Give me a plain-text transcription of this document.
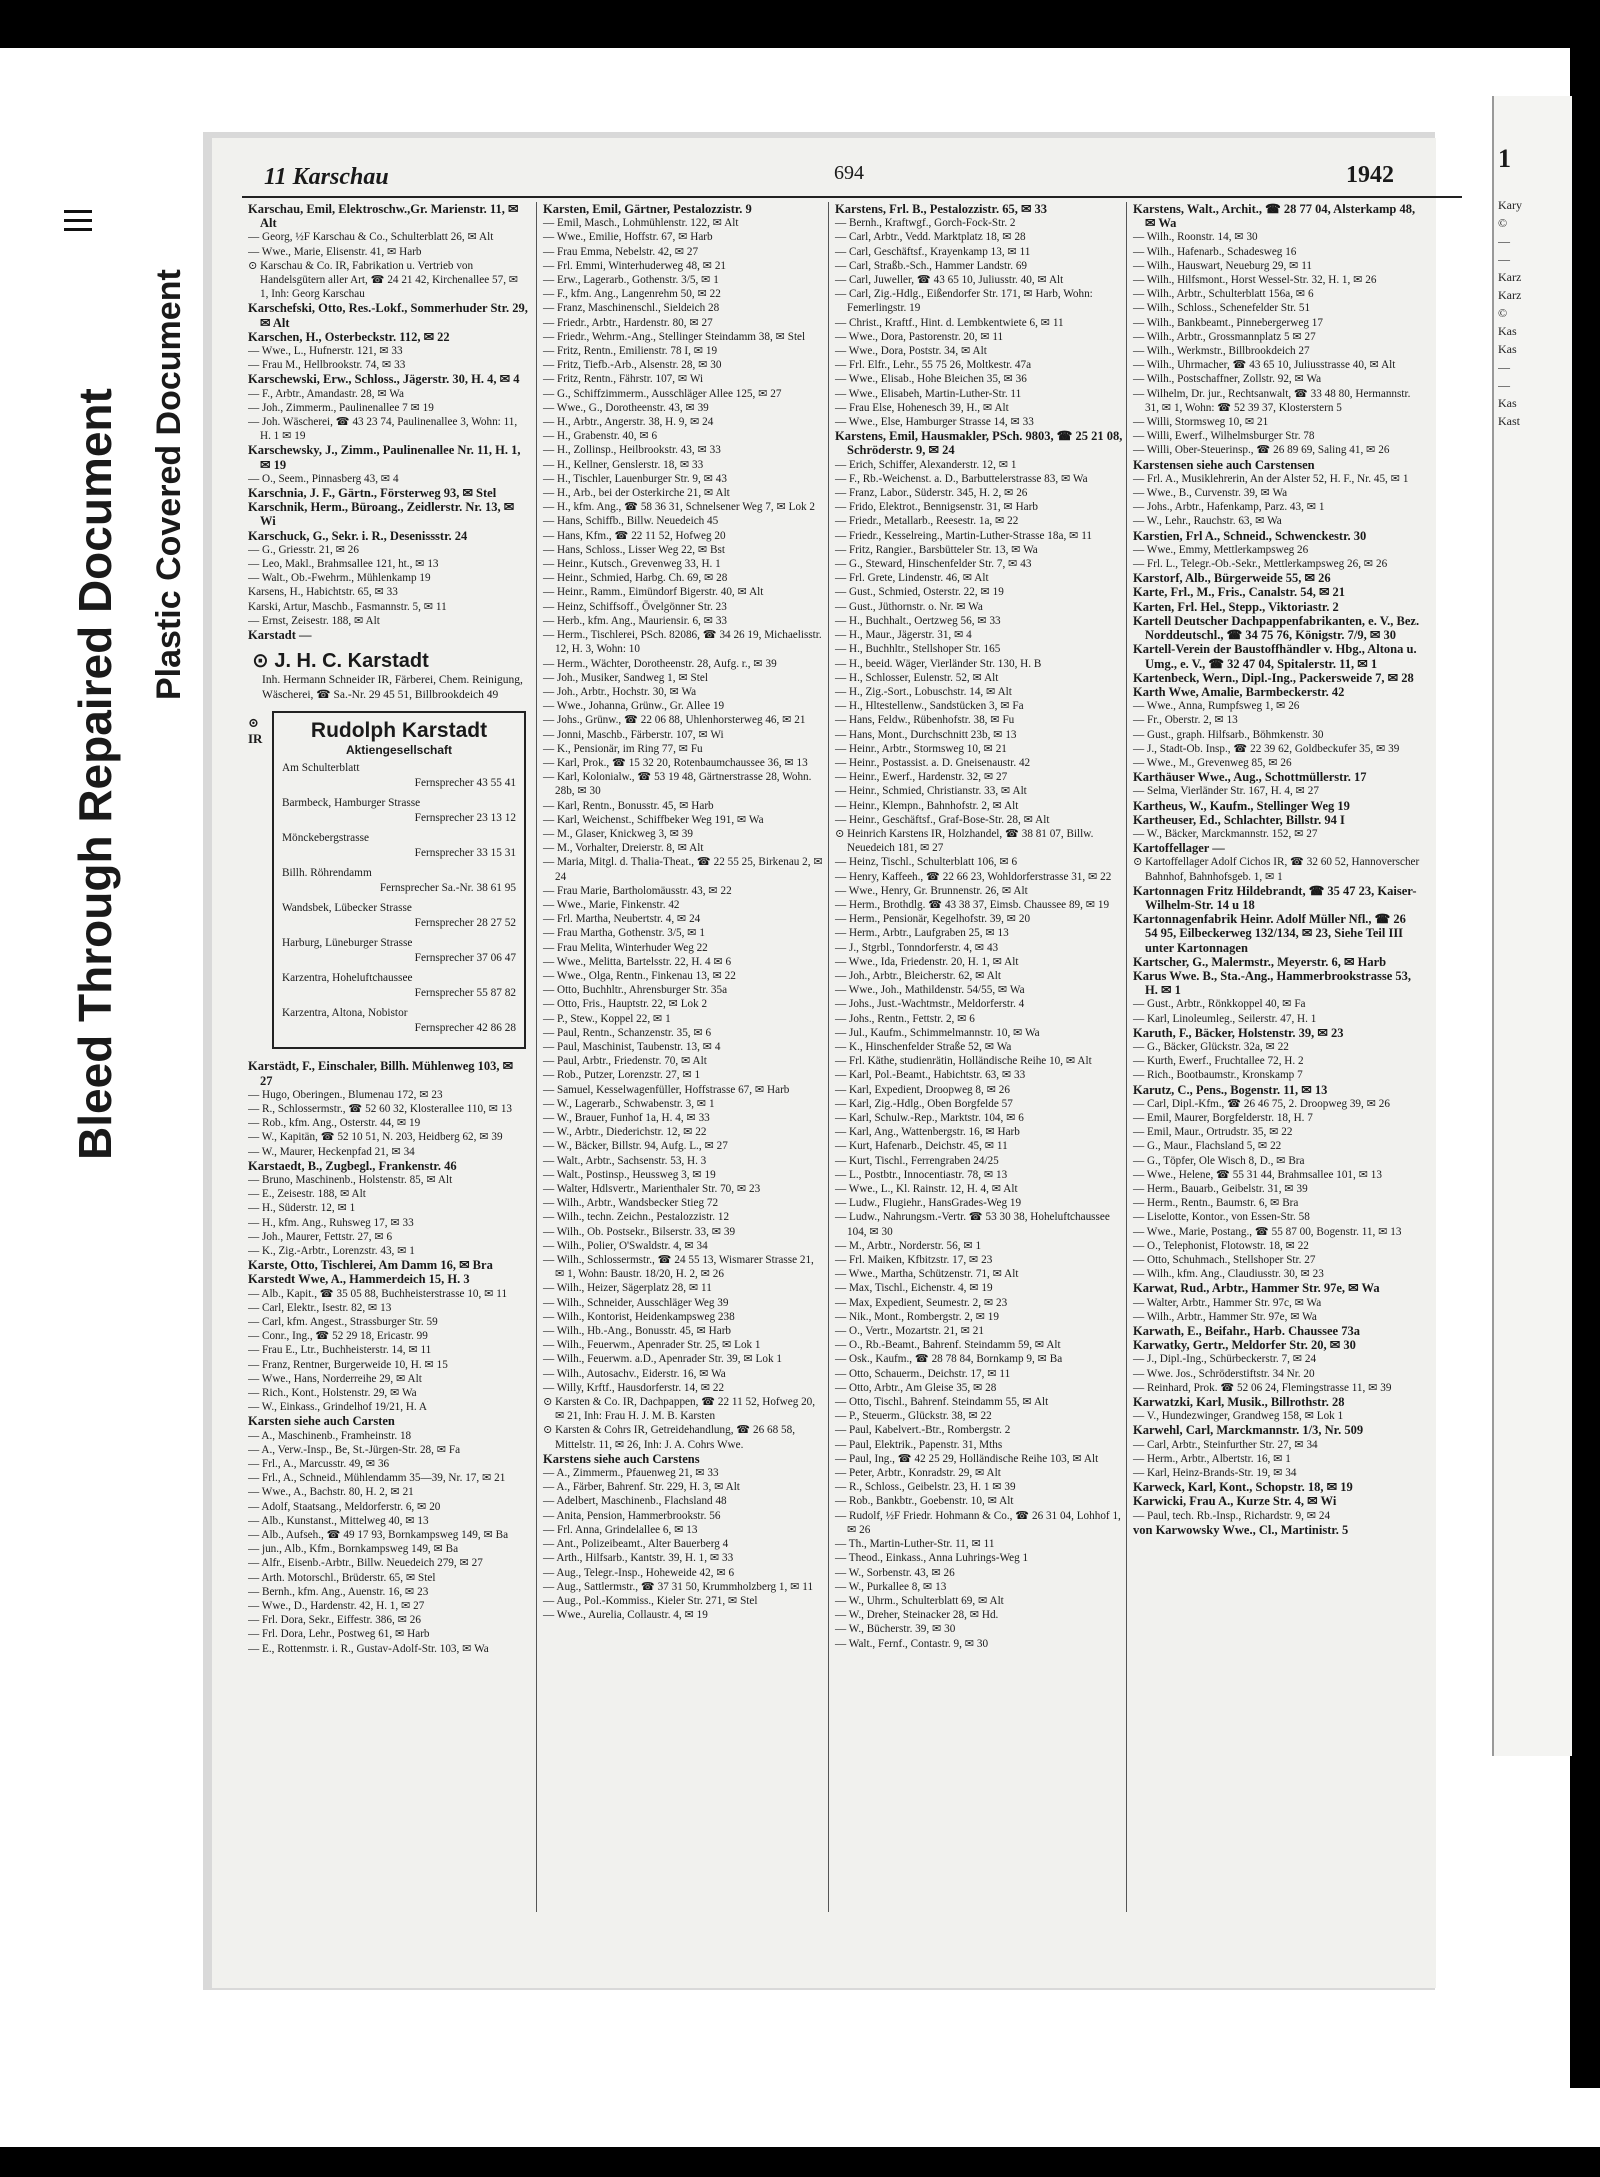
Bleed Through Repaired Document Plastic Covered Document
1
Kary
©
—
—
Karz
Karz
©
Kas
Kas
—
—
Kas
Kast
11 Karschau	694	1942

Karschau, Emil, Elektroschw.,Gr. Marienstr. 11, ✉ Alt

— Georg, ½F Karschau & Co., Schulterblatt 26, ✉ Alt

— Wwe., Marie, Elisenstr. 41, ✉ Harb

⊙ Karschau & Co. IR, Fabrikation u. Vertrieb von Handelsgütern aller Art, ☎ 24 21 42, Kirchenallee 57, ✉ 1, Inh: Georg Karschau

Karschefski, Otto, Res.-Lokf., Sommerhuder Str. 29, ✉ Alt

Karschen, H., Osterbeckstr. 112, ✉ 22

— Wwe., L., Hufnerstr. 121, ✉ 33

— Frau M., Hellbrookstr. 74, ✉ 33

Karschewski, Erw., Schloss., Jägerstr. 30, H. 4, ✉ 4

— F., Arbtr., Amandastr. 28, ✉ Wa

— Joh., Zimmerm., Paulinenallee 7 ✉ 19

— Joh. Wäscherei, ☎ 43 23 74, Paulinenallee 3, Wohn: 11, H. 1 ✉ 19

Karschewsky, J., Zimm., Paulinenallee Nr. 11, H. 1, ✉ 19

— O., Seem., Pinnasberg 43, ✉ 4

Karschnia, J. F., Gärtn., Försterweg 93, ✉ Stel

Karschnik, Herm., Büroang., Zeidlerstr. Nr. 13, ✉ Wi

Karschuck, G., Sekr. i. R., Desenissstr. 24

— G., Griesstr. 21, ✉ 26

— Leo, Makl., Brahmsallee 121, ht., ✉ 13

— Walt., Ob.-Fwehrm., Mühlenkamp 19

Karsens, H., Habichtstr. 65, ✉ 33

Karski, Artur, Maschb., Fasmannstr. 5, ✉ 11

— Ernst, Zeisestr. 188, ✉ Alt

Karstadt —

⊙ J. H. C. Karstadt
Inh. Hermann Schneider IR, Färberei, Chem. Reinigung, Wäscherei, ☎ Sa.-Nr. 29 45 51, Billbrookdeich 49
⊙ IR	Rudolph Karstadt
Aktiengesellschaft
Am Schulterblatt
Fernsprecher 43 55 41
Barmbeck, Hamburger Strasse
Fernsprecher 23 13 12
Mönckebergstrasse
Fernsprecher 33 15 31
Billh. Röhrendamm
Fernsprecher Sa.-Nr. 38 61 95
Wandsbek, Lübecker Strasse
Fernsprecher 28 27 52
Harburg, Lüneburger Strasse
Fernsprecher 37 06 47
Karzentra, Hoheluftchaussee
Fernsprecher 55 87 82
Karzentra, Altona, Nobistor
Fernsprecher 42 86 28

Karstädt, F., Einschaler, Billh. Mühlenweg 103, ✉ 27

— Hugo, Oberingen., Blumenau 172, ✉ 23

— R., Schlossermstr., ☎ 52 60 32, Klosterallee 110, ✉ 13

— Rob., kfm. Ang., Osterstr. 44, ✉ 19

— W., Kapitän, ☎ 52 10 51, N. 203, Heidberg 62, ✉ 39

— W., Maurer, Heckenpfad 21, ✉ 34

Karstaedt, B., Zugbegl., Frankenstr. 46

— Bruno, Maschinenb., Holstenstr. 85, ✉ Alt

— E., Zeisestr. 188, ✉ Alt

— H., Süderstr. 12, ✉ 1

— H., kfm. Ang., Ruhsweg 17, ✉ 33

— Joh., Maurer, Fettstr. 27, ✉ 6

— K., Zig.-Arbtr., Lorenzstr. 43, ✉ 1

Karste, Otto, Tischlerei, Am Damm 16, ✉ Bra

Karstedt Wwe, A., Hammerdeich 15, H. 3

— Alb., Kapit., ☎ 35 05 88, Buchheisterstrasse 10, ✉ 11

— Carl, Elektr., Isestr. 82, ✉ 13

— Carl, kfm. Angest., Strassburger Str. 59

— Conr., Ing., ☎ 52 29 18, Ericastr. 99

— Frau E., Ltr., Buchheisterstr. 14, ✉ 11

— Franz, Rentner, Burgerweide 10, H. ✉ 15

— Wwe., Hans, Norderreihe 29, ✉ Alt

— Rich., Kont., Holstenstr. 29, ✉ Wa

— W., Einkass., Grindelhof 19/21, H. A

Karsten siehe auch Carsten

— A., Maschinenb., Framheinstr. 18

— A., Verw.-Insp., Be, St.-Jürgen-Str. 28, ✉ Fa

— Frl., A., Marcusstr. 49, ✉ 36

— Frl., A., Schneid., Mühlendamm 35—39, Nr. 17, ✉ 21

— Wwe., A., Bachstr. 80, H. 2, ✉ 21

— Adolf, Staatsang., Meldorferstr. 6, ✉ 20

— Alb., Kunstanst., Mittelweg 40, ✉ 13

— Alb., Aufseh., ☎ 49 17 93, Bornkampsweg 149, ✉ Ba

— jun., Alb., Kfm., Bornkampsweg 149, ✉ Ba

— Alfr., Eisenb.-Arbtr., Billw. Neuedeich 279, ✉ 27

— Arth. Motorschl., Brüderstr. 65, ✉ Stel

— Bernh., kfm. Ang., Auenstr. 16, ✉ 23

— Wwe., D., Hardenstr. 42, H. 1, ✉ 27

— Frl. Dora, Sekr., Eiffestr. 386, ✉ 26

— Frl. Dora, Lehr., Postweg 61, ✉ Harb

— E., Rottenmstr. i. R., Gustav-Adolf-Str. 103, ✉ Wa

Karsten, Emil, Gärtner, Pestalozzistr. 9

— Emil, Masch., Lohmühlenstr. 122, ✉ Alt

— Wwe., Emilie, Hoffstr. 67, ✉ Harb

— Frau Emma, Nebelstr. 42, ✉ 27

— Frl. Emmi, Winterhuderweg 48, ✉ 21

— Erw., Lagerarb., Gothenstr. 3/5, ✉ 1

— F., kfm. Ang., Langenrehm 50, ✉ 22

— Franz, Maschinenschl., Sieldeich 28

— Friedr., Arbtr., Hardenstr. 80, ✉ 27

— Friedr., Wehrm.-Ang., Stellinger Steindamm 38, ✉ Stel

— Fritz, Rentn., Emilienstr. 78 I, ✉ 19

— Fritz, Tiefb.-Arb., Alsenstr. 28, ✉ 30

— Fritz, Rentn., Fährstr. 107, ✉ Wi

— G., Schiffzimmerm., Ausschläger Allee 125, ✉ 27

— Wwe., G., Dorotheenstr. 43, ✉ 39

— H., Arbtr., Angerstr. 38, H. 9, ✉ 24

— H., Grabenstr. 40, ✉ 6

— H., Zollinsp., Heilbrookstr. 43, ✉ 33

— H., Kellner, Genslerstr. 18, ✉ 33

— H., Tischler, Lauenburger Str. 9, ✉ 43

— H., Arb., bei der Osterkirche 21, ✉ Alt

— H., kfm. Ang., ☎ 58 36 31, Schnelsener Weg 7, ✉ Lok 2

— Hans, Schiffb., Billw. Neuedeich 45

— Hans, Kfm., ☎ 22 11 52, Hofweg 20

— Hans, Schloss., Lisser Weg 22, ✉ Bst

— Heinr., Kutsch., Grevenweg 33, H. 1

— Heinr., Schmied, Harbg. Ch. 69, ✉ 28

— Heinr., Ramm., Eimündorf Bigerstr. 40, ✉ Alt

— Heinz, Schiffsoff., Övelgönner Str. 23

— Herb., kfm. Ang., Mauriensir. 6, ✉ 33

— Herm., Tischlerei, PSch. 82086, ☎ 34 26 19, Michaelisstr. 12, H. 3, Wohn: 10

— Herm., Wächter, Dorotheenstr. 28, Aufg. r., ✉ 39

— Joh., Musiker, Sandweg 1, ✉ Stel

— Joh., Arbtr., Hochstr. 30, ✉ Wa

— Wwe., Johanna, Grünw., Gr. Allee 19

— Johs., Grünw., ☎ 22 06 88, Uhlenhorsterweg 46, ✉ 21

— Jonni, Maschb., Färberstr. 107, ✉ Wi

— K., Pensionär, im Ring 77, ✉ Fu

— Karl, Prok., ☎ 15 32 20, Rotenbaumchaussee 36, ✉ 13

— Karl, Kolonialw., ☎ 53 19 48, Gärtnerstrasse 28, Wohn. 28b, ✉ 30

— Karl, Rentn., Bonusstr. 45, ✉ Harb

— Karl, Weichenst., Schiffbeker Weg 191, ✉ Wa

— M., Glaser, Knickweg 3, ✉ 39

— M., Vorhalter, Dreierstr. 8, ✉ Alt

— Maria, Mitgl. d. Thalia-Theat., ☎ 22 55 25, Birkenau 2, ✉ 24

— Frau Marie, Bartholomäusstr. 43, ✉ 22

— Wwe., Marie, Finkenstr. 42

— Frl. Martha, Neubertstr. 4, ✉ 24

— Frau Martha, Gothenstr. 3/5, ✉ 1

— Frau Melita, Winterhuder Weg 22

— Wwe., Melitta, Bartelsstr. 22, H. 4 ✉ 6

— Wwe., Olga, Rentn., Finkenau 13, ✉ 22

— Otto, Buchhltr., Ahrensburger Str. 35a

— Otto, Fris., Hauptstr. 22, ✉ Lok 2

— P., Stew., Koppel 22, ✉ 1

— Paul, Rentn., Schanzenstr. 35, ✉ 6

— Paul, Maschinist, Taubenstr. 13, ✉ 4

— Paul, Arbtr., Friedenstr. 70, ✉ Alt

— Rob., Putzer, Lorenzstr. 27, ✉ 1

— Samuel, Kesselwagenfüller, Hoffstrasse 67, ✉ Harb

— W., Lagerarb., Schwabenstr. 3, ✉ 1

— W., Brauer, Funhof 1a, H. 4, ✉ 33

— W., Arbtr., Diederichstr. 12, ✉ 22

— W., Bäcker, Billstr. 94, Aufg. L., ✉ 27

— Walt., Arbtr., Sachsenstr. 53, H. 3

— Walt., Postinsp., Heussweg 3, ✉ 19

— Walter, Hdlsvertr., Marienthaler Str. 70, ✉ 23

— Wilh., Arbtr., Wandsbecker Stieg 72

— Wilh., techn. Zeichn., Pestalozzistr. 12

— Wilh., Ob. Postsekr., Bilserstr. 33, ✉ 39

— Wilh., Polier, O'Swaldstr. 4, ✉ 34

— Wilh., Schlossermstr., ☎ 24 55 13, Wismarer Strasse 21, ✉ 1, Wohn: Baustr. 18/20, H. 2, ✉ 26

— Wilh., Heizer, Sägerplatz 28, ✉ 11

— Wilh., Schneider, Ausschläger Weg 39

— Wilh., Kontorist, Heidenkampsweg 238

— Wilh., Hb.-Ang., Bonusstr. 45, ✉ Harb

— Wilh., Feuerwm., Apenrader Str. 25, ✉ Lok 1

— Wilh., Feuerwm. a.D., Apenrader Str. 39, ✉ Lok 1

— Wilh., Autosachv., Eiderstr. 16, ✉ Wa

— Willy, Krftf., Hausdorferstr. 14, ✉ 22

⊙ Karsten & Co. IR, Dachpappen, ☎ 22 11 52, Hofweg 20, ✉ 21, Inh: Frau H. J. M. B. Karsten

⊙ Karsten & Cohrs IR, Getreidehandlung, ☎ 26 68 58, Mittelstr. 11, ✉ 26, Inh: J. A. Cohrs Wwe.

Karstens siehe auch Carstens

— A., Zimmerm., Pfauenweg 21, ✉ 33

— A., Färber, Bahrenf. Str. 229, H. 3, ✉ Alt

— Adelbert, Maschinenb., Flachsland 48

— Anita, Pension, Hammerbrookstr. 56

— Frl. Anna, Grindelallee 6, ✉ 13

— Ant., Polizeibeamt., Alter Bauerberg 4

— Arth., Hilfsarb., Kantstr. 39, H. 1, ✉ 33

— Aug., Telegr.-Insp., Hoheweide 42, ✉ 6

— Aug., Sattlermstr., ☎ 37 31 50, Krummholzberg 1, ✉ 11

— Aug., Pol.-Kommiss., Kieler Str. 271, ✉ Stel

— Wwe., Aurelia, Collaustr. 4, ✉ 19

Karstens, Frl. B., Pestalozzistr. 65, ✉ 33

— Bernh., Kraftwgf., Gorch-Fock-Str. 2

— Carl, Arbtr., Vedd. Marktplatz 18, ✉ 28

— Carl, Geschäftsf., Krayenkamp 13, ✉ 11

— Carl, Straßb.-Sch., Hammer Landstr. 69

— Carl, Juweller, ☎ 43 65 10, Juliusstr. 40, ✉ Alt

— Carl, Zig.-Hdlg., Eißendorfer Str. 171, ✉ Harb, Wohn: Femerlingstr. 19

— Christ., Kraftf., Hint. d. Lembkentwiete 6, ✉ 11

— Wwe., Dora, Pastorenstr. 20, ✉ 11

— Wwe., Dora, Poststr. 34, ✉ Alt

— Frl. Elfr., Lehr., 55 75 26, Moltkestr. 47a

— Wwe., Elisab., Hohe Bleichen 35, ✉ 36

— Wwe., Elisabeh, Martin-Luther-Str. 11

— Frau Else, Hohenesch 39, H., ✉ Alt

— Wwe., Else, Hamburger Strasse 14, ✉ 33

Karstens, Emil, Hausmakler, PSch. 9803, ☎ 25 21 08, Schröderstr. 9, ✉ 24

— Erich, Schiffer, Alexanderstr. 12, ✉ 1

— F., Rb.-Weichenst. a. D., Barbuttelerstrasse 83, ✉ Wa

— Franz, Labor., Süderstr. 345, H. 2, ✉ 26

— Frido, Elektrot., Bennigsenstr. 31, ✉ Harb

— Friedr., Metallarb., Reesestr. 1a, ✉ 22

— Friedr., Kesselreing., Martin-Luther-Strasse 18a, ✉ 11

— Fritz, Rangier., Barsbütteler Str. 13, ✉ Wa

— G., Steward, Hinschenfelder Str. 7, ✉ 43

— Frl. Grete, Lindenstr. 46, ✉ Alt

— Gust., Schmied, Osterstr. 22, ✉ 19

— Gust., Jüthornstr. o. Nr. ✉ Wa

— H., Buchhalt., Oertzweg 56, ✉ 33

— H., Maur., Jägerstr. 31, ✉ 4

— H., Buchhltr., Stellshoper Str. 165

— H., beeid. Wäger, Vierländer Str. 130, H. B

— H., Schlosser, Eulenstr. 52, ✉ Alt

— H., Zig.-Sort., Lobuschstr. 14, ✉ Alt

— H., Hltestellenw., Sandstücken 3, ✉ Fa

— Hans, Feldw., Rübenhofstr. 38, ✉ Fu

— Hans, Mont., Durchschnitt 23b, ✉ 13

— Heinr., Arbtr., Stormsweg 10, ✉ 21

— Heinr., Postassist. a. D. Gneisenaustr. 42

— Heinr., Ewerf., Hardenstr. 32, ✉ 27

— Heinr., Schmied, Christianstr. 33, ✉ Alt

— Heinr., Klempn., Bahnhofstr. 2, ✉ Alt

— Heinr., Geschäftsf., Graf-Bose-Str. 28, ✉ Alt

⊙ Heinrich Karstens IR, Holzhandel, ☎ 38 81 07, Billw. Neuedeich 181, ✉ 27

— Heinz, Tischl., Schulterblatt 106, ✉ 6

— Henry, Kaffeeh., ☎ 22 66 23, Wohldorferstrasse 31, ✉ 22

— Wwe., Henry, Gr. Brunnenstr. 26, ✉ Alt

— Herm., Brothdlg. ☎ 43 38 37, Eimsb. Chaussee 89, ✉ 19

— Herm., Pensionär, Kegelhofstr. 39, ✉ 20

— Herm., Arbtr., Laufgraben 25, ✉ 13

— J., Stgrbl., Tonndorferstr. 4, ✉ 43

— Wwe., Ida, Friedenstr. 20, H. 1, ✉ Alt

— Joh., Arbtr., Bleicherstr. 62, ✉ Alt

— Wwe., Joh., Mathildenstr. 54/55, ✉ Wa

— Johs., Just.-Wachtmstr., Meldorferstr. 4

— Johs., Rentn., Fettstr. 2, ✉ 6

— Jul., Kaufm., Schimmelmannstr. 10, ✉ Wa

— K., Hinschenfelder Straße 52, ✉ Wa

— Frl. Käthe, studienrätin, Holländische Reihe 10, ✉ Alt

— Karl, Pol.-Beamt., Habichtstr. 63, ✉ 33

— Karl, Expedient, Droopweg 8, ✉ 26

— Karl, Zig.-Hdlg., Oben Borgfelde 57

— Karl, Schulw.-Rep., Marktstr. 104, ✉ 6

— Karl, Ang., Wattenbergstr. 16, ✉ Harb

— Kurt, Hafenarb., Deichstr. 45, ✉ 11

— Kurt, Tischl., Ferrengraben 24/25

— L., Postbtr., Innocentiastr. 78, ✉ 13

— Wwe., L., Kl. Rainstr. 12, H. 4, ✉ Alt

— Ludw., Flugiehr., HansGrades-Weg 19

— Ludw., Nahrungsm.-Vertr. ☎ 53 30 38, Hoheluftchaussee 104, ✉ 30

— M., Arbtr., Norderstr. 56, ✉ 1

— Frl. Maiken, Kfbitzstr. 17, ✉ 23

— Wwe., Martha, Schützenstr. 71, ✉ Alt

— Max, Tischl., Eichenstr. 4, ✉ 19

— Max, Expedient, Seumestr. 2, ✉ 23

— Nik., Mont., Rombergstr. 2, ✉ 19

— O., Vertr., Mozartstr. 21, ✉ 21

— O., Rb.-Beamt., Bahrenf. Steindamm 59, ✉ Alt

— Osk., Kaufm., ☎ 28 78 84, Bornkamp 9, ✉ Ba

— Otto, Schauerm., Deichstr. 17, ✉ 11

— Otto, Arbtr., Am Gleise 35, ✉ 28

— Otto, Tischl., Bahrenf. Steindamm 55, ✉ Alt

— P., Steuerm., Glückstr. 38, ✉ 22

— Paul, Kabelvert.-Btr., Rombergstr. 2

— Paul, Elektrik., Papenstr. 31, Mths

— Paul, Ing., ☎ 42 25 29, Holländische Reihe 103, ✉ Alt

— Peter, Arbtr., Konradstr. 29, ✉ Alt

— R., Schloss., Geibelstr. 23, H. 1 ✉ 39

— Rob., Bankbtr., Goebenstr. 10, ✉ Alt

— Rudolf, ½F Friedr. Hohmann & Co., ☎ 26 31 04, Lohhof 1, ✉ 26

— Th., Martin-Luther-Str. 11, ✉ 11

— Theod., Einkass., Anna Luhrings-Weg 1

— W., Sorbenstr. 43, ✉ 26

— W., Purkallee 8, ✉ 13

— W., Uhrm., Schulterblatt 69, ✉ Alt

— W., Dreher, Steinacker 28, ✉ Hd.

— W., Bücherstr. 39, ✉ 30

— Walt., Fernf., Contastr. 9, ✉ 30

Karstens, Walt., Archit., ☎ 28 77 04, Alsterkamp 48, ✉ Wa

— Wilh., Roonstr. 14, ✉ 30

— Wilh., Hafenarb., Schadesweg 16

— Wilh., Hauswart, Neueburg 29, ✉ 11

— Wilh., Hilfsmont., Horst Wessel-Str. 32, H. 1, ✉ 26

— Wilh., Arbtr., Schulterblatt 156a, ✉ 6

— Wilh., Schloss., Schenefelder Str. 51

— Wilh., Bankbeamt., Pinnebergerweg 17

— Wilh., Arbtr., Grossmannplatz 5 ✉ 27

— Wilh., Werkmstr., Billbrookdeich 27

— Wilh., Uhrmacher, ☎ 43 65 10, Juliusstrasse 40, ✉ Alt

— Wilh., Postschaffner, Zollstr. 92, ✉ Wa

— Wilhelm, Dr. jur., Rechtsanwalt, ☎ 33 48 80, Hermannstr. 31, ✉ 1, Wohn: ☎ 52 39 37, Klosterstern 5

— Willi, Stormsweg 10, ✉ 21

— Willi, Ewerf., Wilhelmsburger Str. 78

— Willi, Ober-Steuerinsp., ☎ 26 89 69, Saling 41, ✉ 26

Karstensen siehe auch Carstensen

— Frl. A., Musiklehrerin, An der Alster 52, H. F., Nr. 45, ✉ 1

— Wwe., B., Curvenstr. 39, ✉ Wa

— Johs., Arbtr., Hafenkamp, Parz. 43, ✉ 1

— W., Lehr., Rauchstr. 63, ✉ Wa

Karstien, Frl A., Schneid., Schwenckestr. 30

— Wwe., Emmy, Mettlerkampsweg 26

— Frl. L., Telegr.-Ob.-Sekr., Mettlerkampsweg 26, ✉ 26

Karstorf, Alb., Bürgerweide 55, ✉ 26

Karte, Frl., M., Fris., Canalstr. 54, ✉ 21

Karten, Frl. Hel., Stepp., Viktoriastr. 2

Kartell Deutscher Dachpappenfabrikanten, e. V., Bez. Norddeutschl., ☎ 34 75 76, Königstr. 7/9, ✉ 30

Kartell-Verein der Baustoffhändler v. Hbg., Altona u. Umg., e. V., ☎ 32 47 04, Spitalerstr. 11, ✉ 1

Kartenbeck, Wern., Dipl.-Ing., Packersweide 7, ✉ 28

Karth Wwe, Amalie, Barmbeckerstr. 42

— Wwe., Anna, Rumpfsweg 1, ✉ 26

— Fr., Oberstr. 2, ✉ 13

— Gust., graph. Hilfsarb., Böhmkenstr. 30

— J., Stadt-Ob. Insp., ☎ 22 39 62, Goldbeckufer 35, ✉ 39

— Wwe., M., Grevenweg 85, ✉ 26

Karthäuser Wwe., Aug., Schottmüllerstr. 17

— Selma, Vierländer Str. 167, H. 4, ✉ 27

Kartheus, W., Kaufm., Stellinger Weg 19

Kartheuser, Ed., Schlachter, Billstr. 94 I

— W., Bäcker, Marckmannstr. 152, ✉ 27

Kartoffellager —

⊙ Kartoffellager Adolf Cichos IR, ☎ 32 60 52, Hannoverscher Bahnhof, Bahnhofsgeb. 1, ✉ 1

Kartonnagen Fritz Hildebrandt, ☎ 35 47 23, Kaiser-Wilhelm-Str. 14 u 18

Kartonnagenfabrik Heinr. Adolf Müller Nfl., ☎ 26 54 95, Eilbeckerweg 132/134, ✉ 23, Siehe Teil III unter Kartonnagen

Kartscher, G., Malermstr., Meyerstr. 6, ✉ Harb

Karus Wwe. B., Sta.-Ang., Hammerbrookstrasse 53, H. ✉ 1

— Gust., Arbtr., Rönkkoppel 40, ✉ Fa

— Karl, Linoleumleg., Seilerstr. 47, H. 1

Karuth, F., Bäcker, Holstenstr. 39, ✉ 23

— G., Bäcker, Glückstr. 32a, ✉ 22

— Kurth, Ewerf., Fruchtallee 72, H. 2

— Rich., Bootbaumstr., Kronskamp 7

Karutz, C., Pens., Bogenstr. 11, ✉ 13

— Carl, Dipl.-Kfm., ☎ 26 46 75, 2. Droopweg 39, ✉ 26

— Emil, Maurer, Borgfelderstr. 18, H. 7

— Emil, Maur., Ortrudstr. 35, ✉ 22

— G., Maur., Flachsland 5, ✉ 22

— G., Töpfer, Ole Wisch 8, D., ✉ Bra

— Wwe., Helene, ☎ 55 31 44, Brahmsallee 101, ✉ 13

— Herm., Bauarb., Geibelstr. 31, ✉ 39

— Herm., Rentn., Baumstr. 6, ✉ Bra

— Liselotte, Kontor., von Essen-Str. 58

— Wwe., Marie, Postang., ☎ 55 87 00, Bogenstr. 11, ✉ 13

— O., Telephonist, Flotowstr. 18, ✉ 22

— Otto, Schuhmach., Stellshoper Str. 27

— Wilh., kfm. Ang., Claudiusstr. 30, ✉ 23

Karwat, Rud., Arbtr., Hammer Str. 97e, ✉ Wa

— Walter, Arbtr., Hammer Str. 97c, ✉ Wa

— Wilh., Arbtr., Hammer Str. 97e, ✉ Wa

Karwath, E., Beifahr., Harb. Chaussee 73a

Karwatky, Gertr., Meldorfer Str. 20, ✉ 30

— J., Dipl.-Ing., Schürbeckerstr. 7, ✉ 24

— Wwe. Jos., Schröderstiftstr. 34 Nr. 20

— Reinhard, Prok. ☎ 52 06 24, Flemingstrasse 11, ✉ 39

Karwatzki, Karl, Musik., Billrothstr. 28

— V., Hundezwinger, Grandweg 158, ✉ Lok 1

Karwehl, Carl, Marckmannstr. 1/3, Nr. 509

— Carl, Arbtr., Steinfurther Str. 27, ✉ 34

— Herm., Arbtr., Albertstr. 16, ✉ 1

— Karl, Heinz-Brands-Str. 19, ✉ 34

Karweck, Karl, Kont., Schopstr. 18, ✉ 19

Karwicki, Frau A., Kurze Str. 4, ✉ Wi

— Paul, tech. Rb.-Insp., Richardstr. 9, ✉ 24

von Karwowsky Wwe., Cl., Martinistr. 5
